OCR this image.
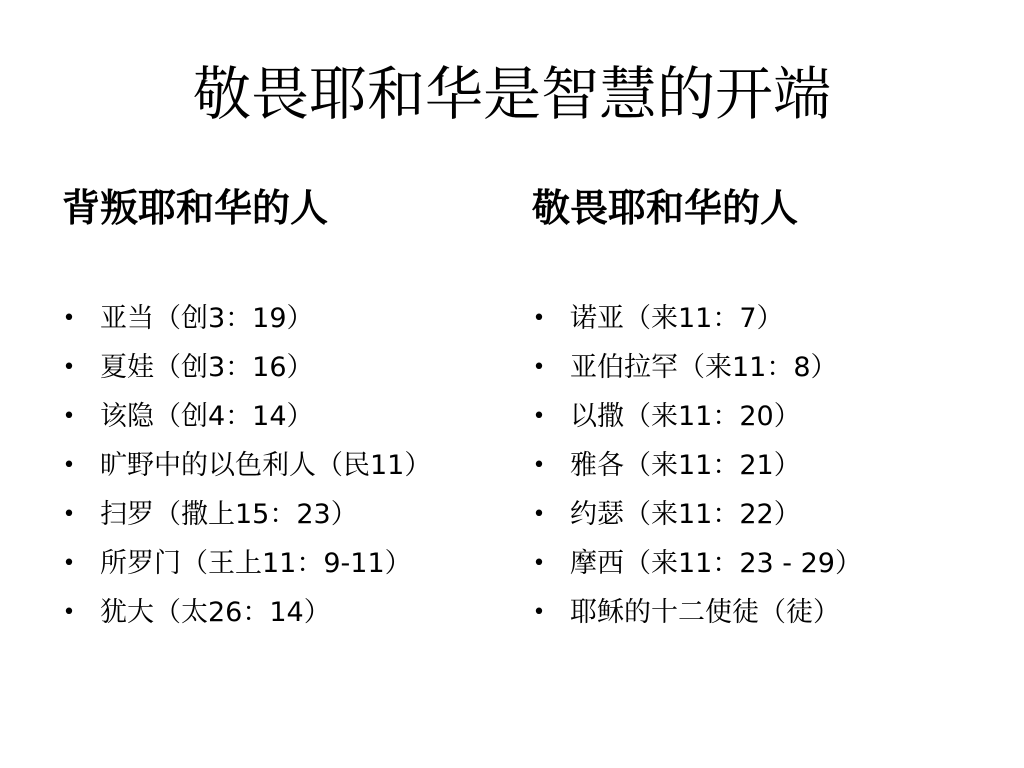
敬畏耶和华是智慧的开端
背叛耶和华的人
• 亚当（创3：19）
• 夏娃（创3：16）
• 该隐（创4：14）
• 旷野中的以色利人（民11）
• 扫罗（撒上15：23）
• 所罗门（王上11：9-11）
• 犹大（太26：14）
敬畏耶和华的人
• 诺亚（来11：7）
• 亚伯拉罕（来11：8）
• 以撒（来11：20）
• 雅各（来11：21）
• 约瑟（来11：22）
• 摩西（来11：23 - 29）
• 耶稣的十二使徒（徒）
